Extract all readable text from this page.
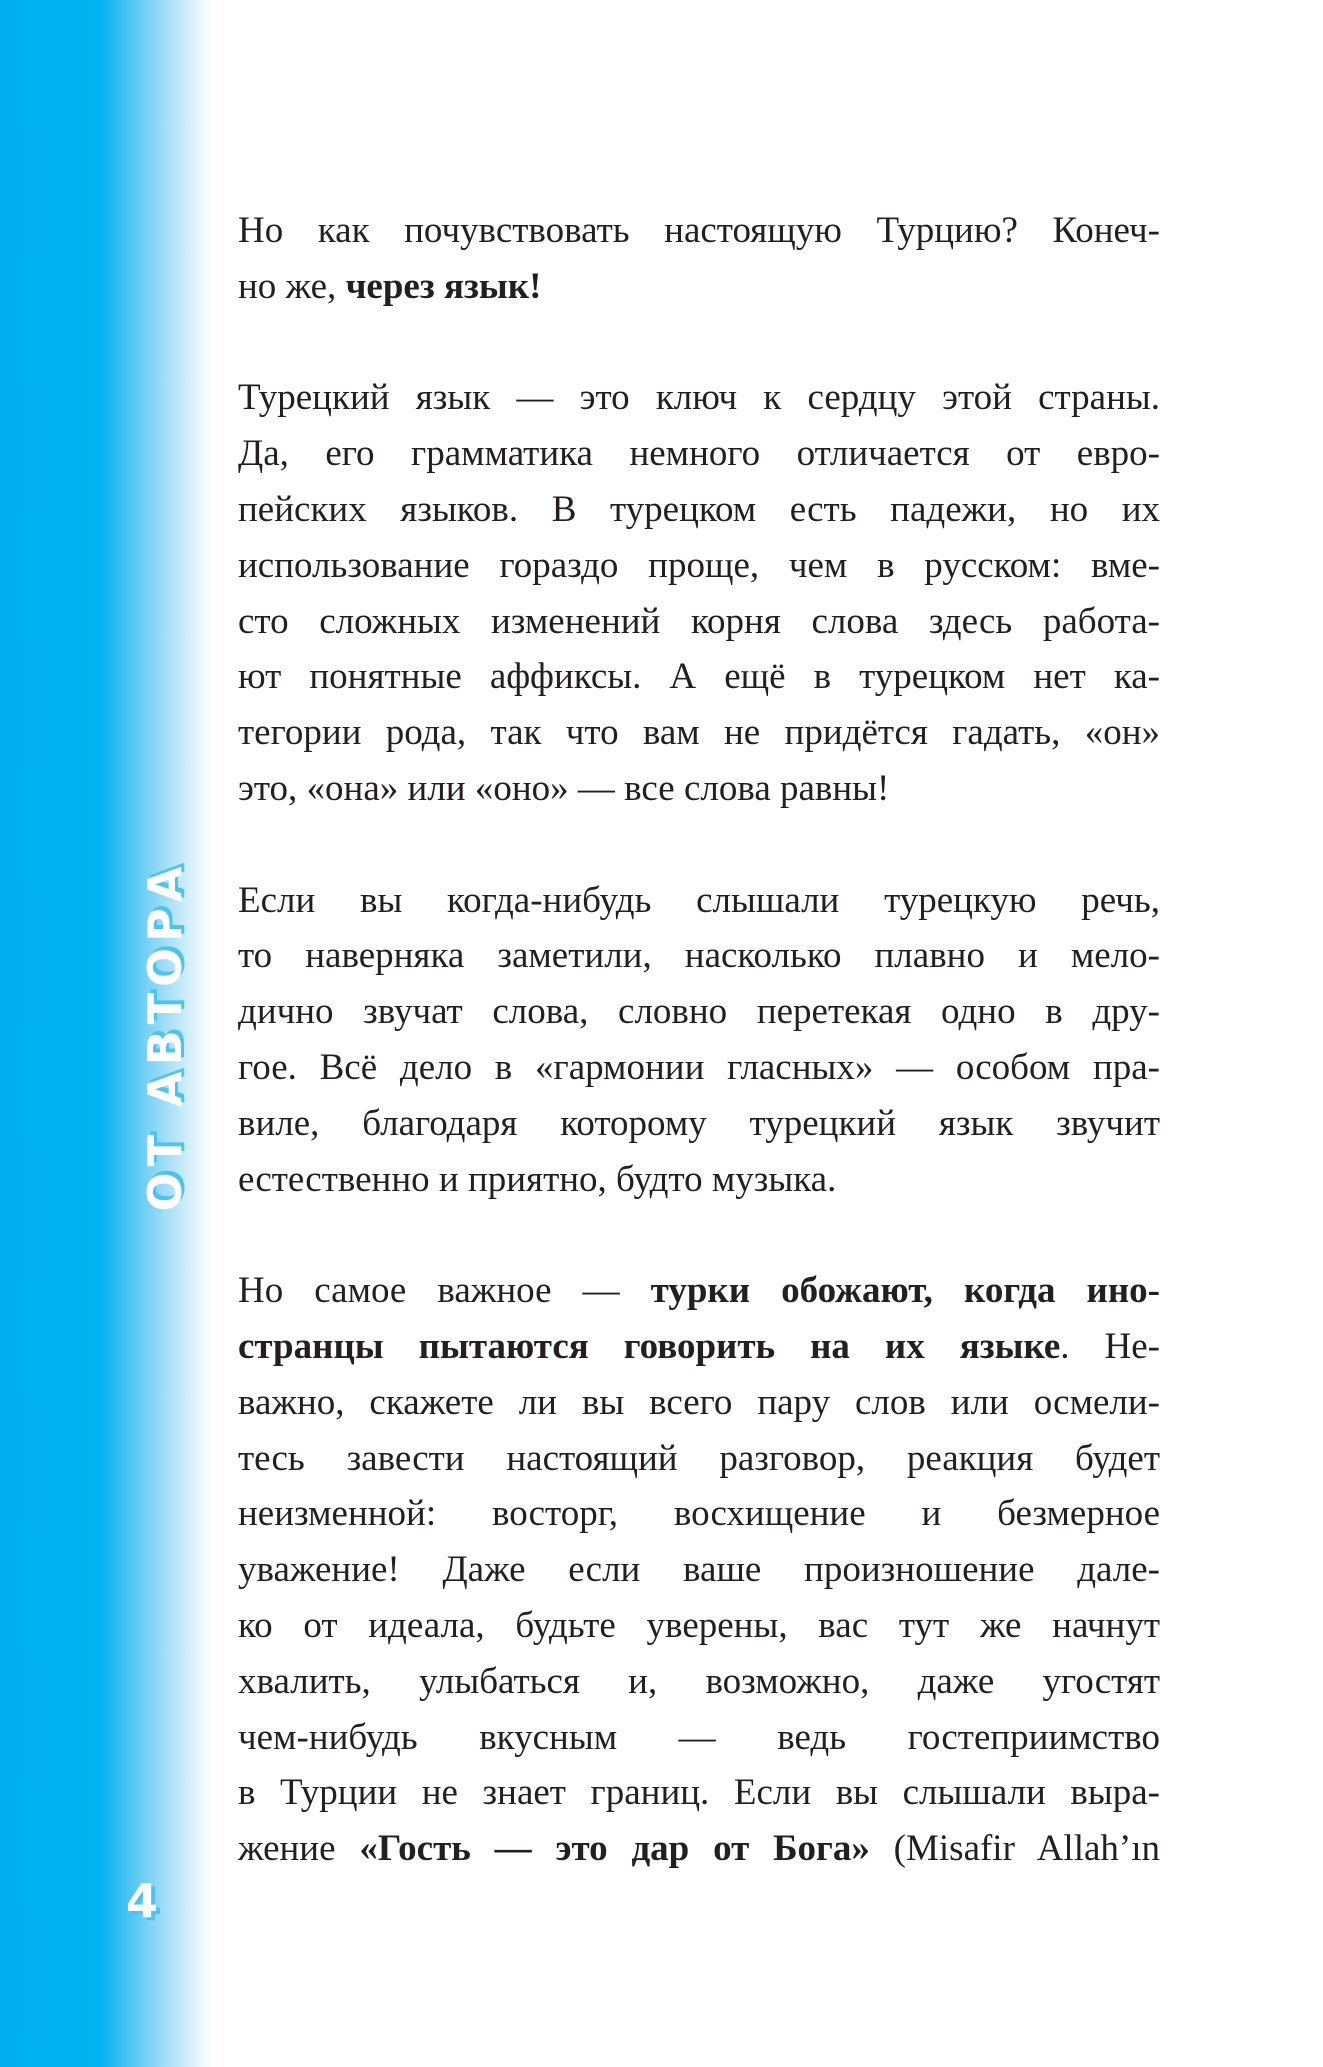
ОТ АВТОРА
4
Но как почувствовать настоящую Турцию? Конеч-
но же, через язык!
Турецкий язык — это ключ к сердцу этой страны.
Да, его грамматика немного отличается от евро-
пейских языков. В турецком есть падежи, но их
использование гораздо проще, чем в русском: вме-
сто сложных изменений корня слова здесь работа-
ют понятные аффиксы. А ещё в турецком нет ка-
тегории рода, так что вам не придётся гадать, «он»
это, «она» или «оно» — все слова равны!
Если вы когда-нибудь слышали турецкую речь,
то наверняка заметили, насколько плавно и мело-
дично звучат слова, словно перетекая одно в дру-
гое. Всё дело в «гармонии гласных» — особом пра-
виле, благодаря которому турецкий язык звучит
естественно и приятно, будто музыка.
Но самое важное — турки обожают, когда ино-
странцы пытаются говорить на их языке. Не-
важно, скажете ли вы всего пару слов или осмели-
тесь завести настоящий разговор, реакция будет
неизменной: восторг, восхищение и безмерное
уважение! Даже если ваше произношение дале-
ко от идеала, будьте уверены, вас тут же начнут
хвалить, улыбаться и, возможно, даже угостят
чем-нибудь вкусным — ведь гостеприимство
в Турции не знает границ. Если вы слышали выра-
жение «Гость — это дар от Бога» (Misafir Allah’ın
